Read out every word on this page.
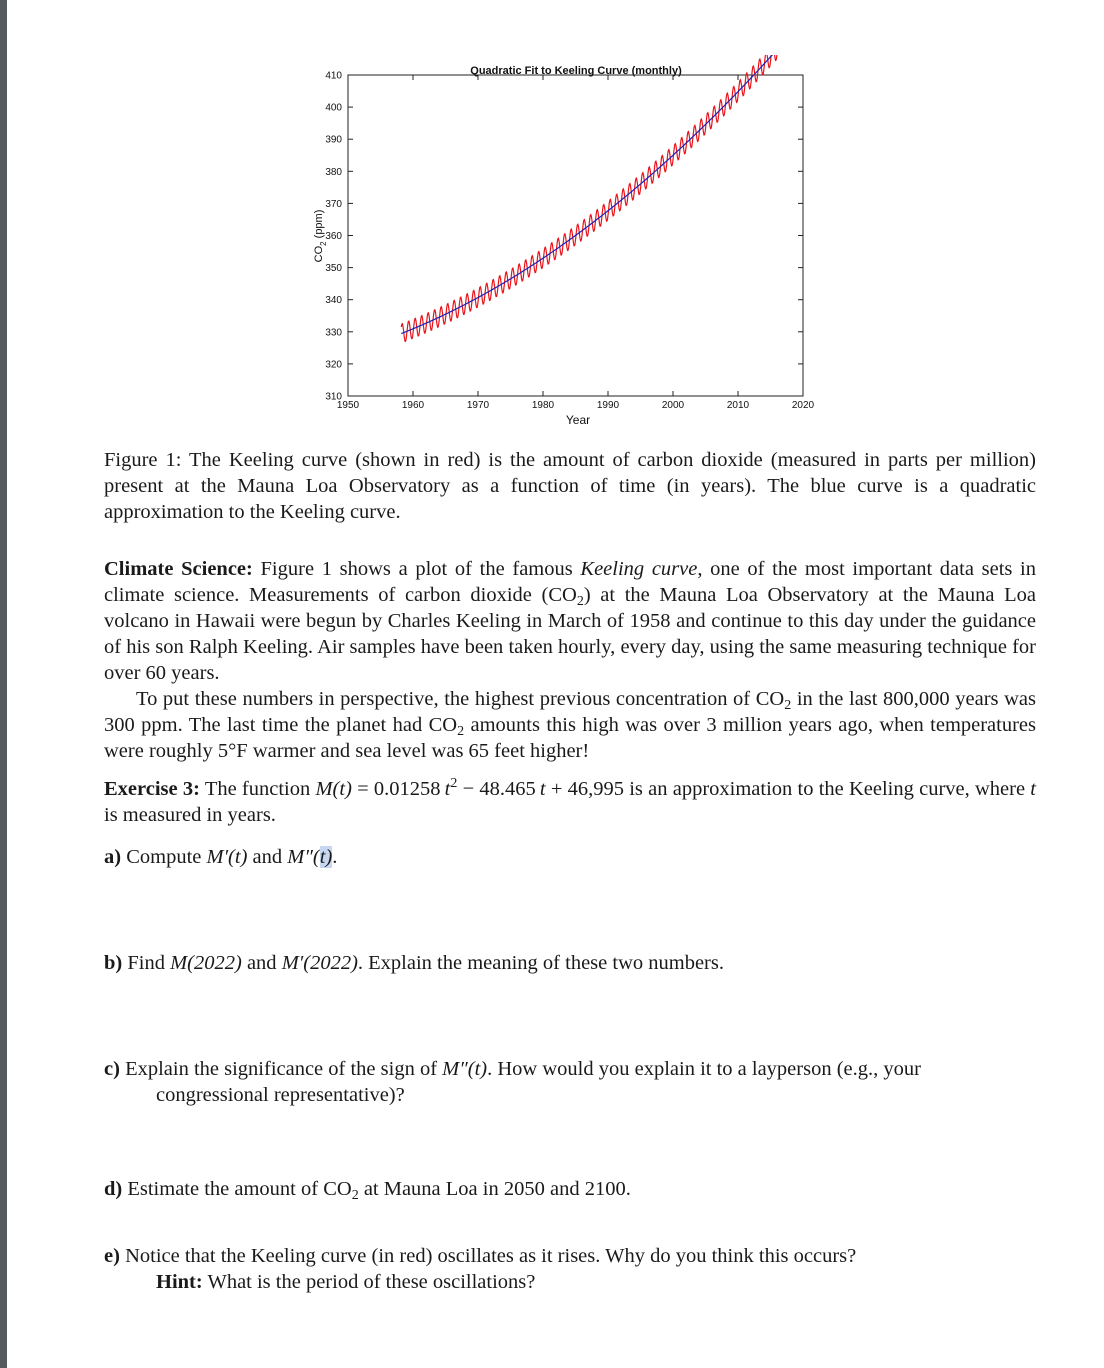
Quadratic Fit to Keeling Curve (monthly)
310
320
330
340
350
360
370
380
390
400
410
1950	1960	1970	1980	1990	2000	2010	2020
Year
$CO_2$ (ppm)
Figure 1: The Keeling curve (shown in red) is the amount of carbon dioxide (measured in parts per million) present at the Mauna Loa Observatory as a function of time (in years). The blue curve is a quadratic approximation to the Keeling curve.
Climate Science: Figure 1 shows a plot of the famous Keeling curve, one of the most important data sets in climate science. Measurements of carbon dioxide $(CO_2)$ at the Mauna Loa Observatory at the Mauna Loa volcano in Hawaii were begun by Charles Keeling in March of 1958 and continue to this day under the guidance of his son Ralph Keeling. Air samples have been taken hourly, every day, using the same measuring technique for over 60 years.
To put these numbers in perspective, the highest previous concentration of $CO_2$ in the last 800,000 years was 300 ppm. The last time the planet had $CO_2$ amounts this high was over 3 million years ago, when temperatures were roughly 5°F warmer and sea level was 65 feet higher!
Exercise 3: The function M(t) = 0.01258  $t^2 - 48.465$  t + 46,995 is an approximation to the Keeling curve, where t is measured in years.
a) Compute M′(t) and M″(t).
b) Find M(2022) and M′(2022). Explain the meaning of these two numbers.
c) Explain the significance of the sign of M″(t). How would you explain it to a layperson (e.g., your
congressional representative)?
d) Estimate the amount of $CO_2$ at Mauna Loa in 2050 and 2100.
e) Notice that the Keeling curve (in red) oscillates as it rises. Why do you think this occurs?
Hint: What is the period of these oscillations?
